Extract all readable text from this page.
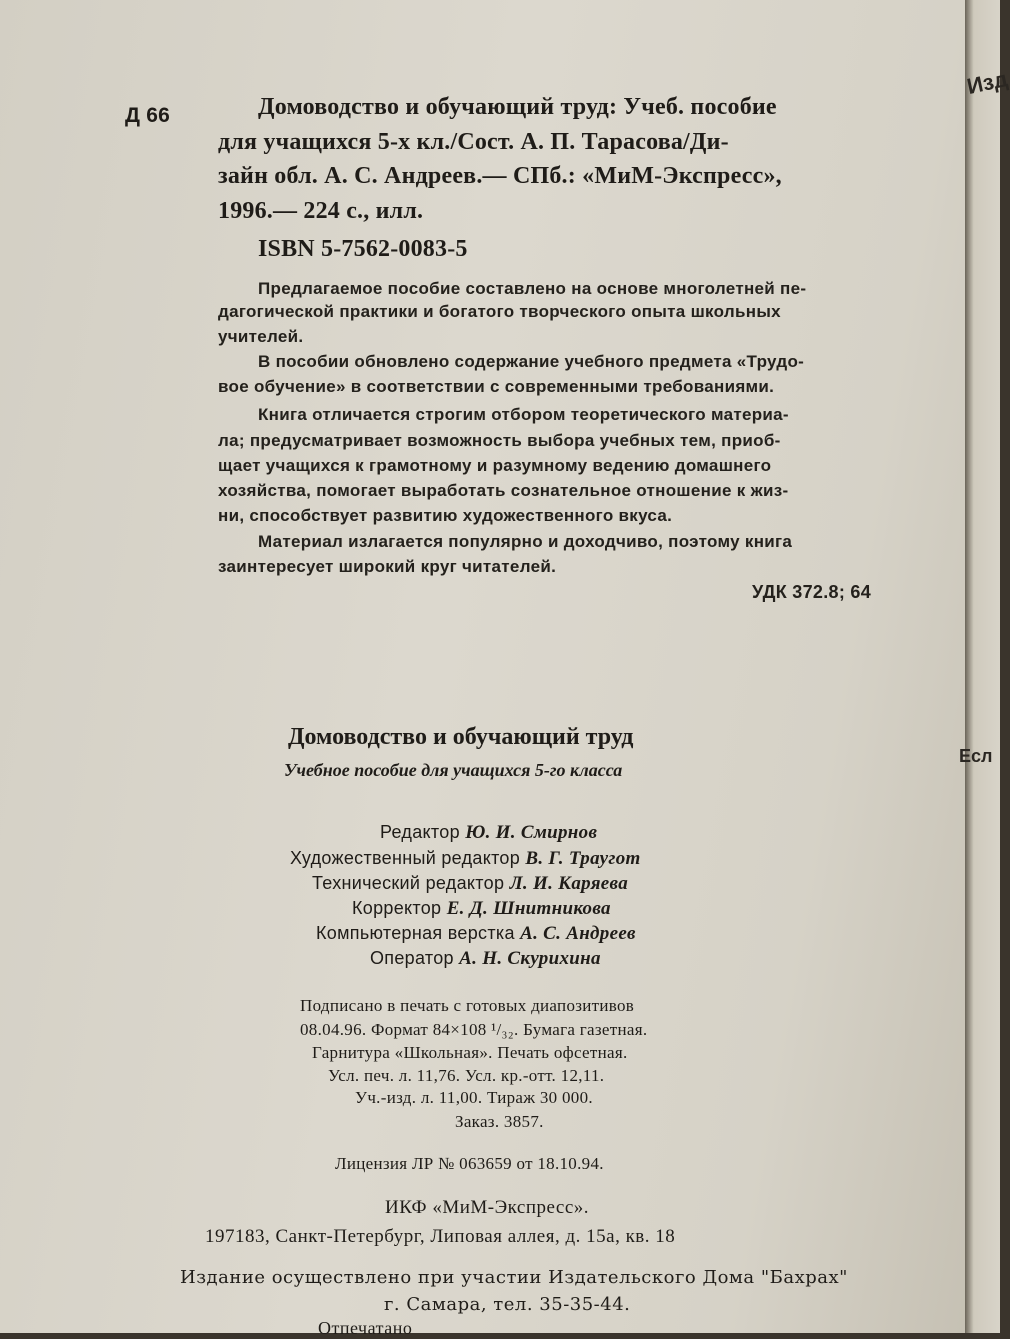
Д 66	Домоводство и обучающий труд: Учеб. пособие
для учащихся 5-х кл./Сост. А. П. Тарасова/Ди-
зайн обл. А. С. Андреев.— СПб.: «МиМ-Экспресс»,
1996.— 224 с., илл.
ISBN 5-7562-0083-5
Предлагаемое пособие составлено на основе многолетней пе-
дагогической практики и богатого творческого опыта школьных
учителей.
В пособии обновлено содержание учебного предмета «Трудо-
вое обучение» в соответствии с современными требованиями.
Книга отличается строгим отбором теоретического материа-
ла; предусматривает возможность выбора учебных тем, приоб-
щает учащихся к грамотному и разумному ведению домашнего
хозяйства, помогает выработать сознательное отношение к жиз-
ни, способствует развитию художественного вкуса.
Материал излагается популярно и доходчиво, поэтому книга
заинтересует широкий круг читателей.
УДК 372.8; 64
Домоводство и обучающий труд
Учебное пособие для учащихся 5-го класса
Редактор Ю. И. Смирнов
Художественный редактор В. Г. Траугот
Технический редактор Л. И. Каряева
Корректор Е. Д. Шнитникова
Компьютерная верстка А. С. Андреев
Оператор А. Н. Скурихина
Подписано в печать с готовых диапозитивов
08.04.96. Формат 84×108 ¹/₃₂. Бумага газетная.
Гарнитура «Школьная». Печать офсетная.
Усл. печ. л. 11,76. Усл. кр.-отт. 12,11.
Уч.-изд. л. 11,00. Тираж 30 000.
Заказ. 3857.
Лицензия ЛР № 063659 от 18.10.94.
ИКФ «МиМ-Экспресс».
197183, Санкт-Петербург, Липовая аллея, д. 15а, кв. 18
Издание осуществлено при участии Издательского Дома "Бахрах"
г. Самара, тел. 35-35-44.
Отпечатано
Изд
Есл
